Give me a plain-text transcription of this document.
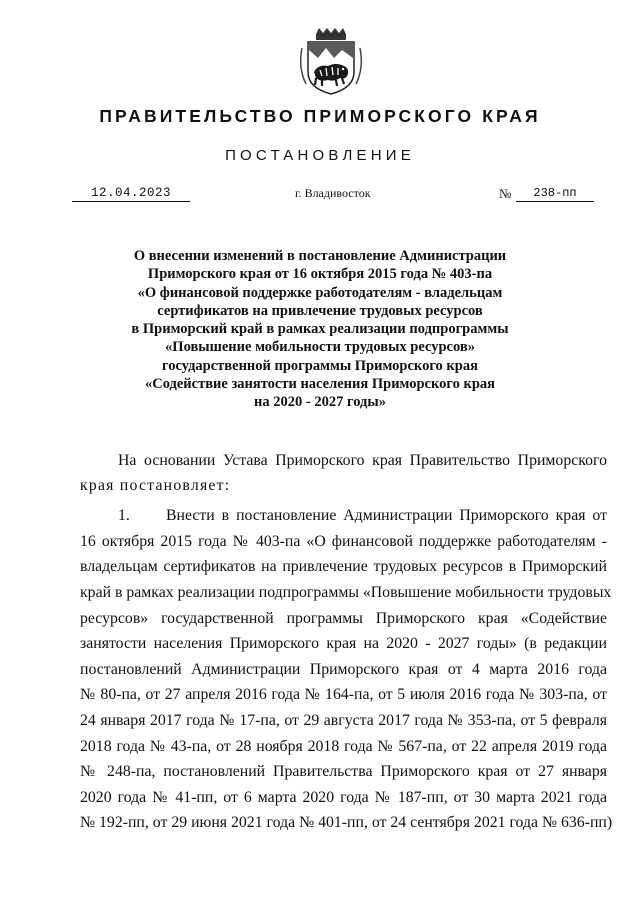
ПРАВИТЕЛЬСТВО ПРИМОРСКОГО КРАЯ
ПОСТАНОВЛЕНИЕ
12.04.2023	г. Владивосток	№	238-пп
О внесении изменений в постановление Администрации
Приморского края от 16 октября 2015 года № 403-па
«О финансовой поддержке работодателям - владельцам
сертификатов на привлечение трудовых ресурсов
в Приморский край в рамках реализации подпрограммы
«Повышение мобильности трудовых ресурсов»
государственной программы Приморского края
«Содействие занятости населения Приморского края
на 2020 - 2027 годы»
На основании Устава Приморского края Правительство Приморского
края постановляет:
1. Внести в постановление Администрации Приморского края от
16 октября 2015 года № 403-па «О финансовой поддержке работодателям -
владельцам сертификатов на привлечение трудовых ресурсов в Приморский
край в рамках реализации подпрограммы «Повышение мобильности трудовых
ресурсов» государственной программы Приморского края «Содействие
занятости населения Приморского края на 2020 - 2027 годы» (в редакции
постановлений Администрации Приморского края от 4 марта 2016 года
№ 80-па, от 27 апреля 2016 года № 164-па, от 5 июля 2016 года № 303-па, от
24 января 2017 года № 17-па, от 29 августа 2017 года № 353-па, от 5 февраля
2018 года № 43-па, от 28 ноября 2018 года № 567-па, от 22 апреля 2019 года
№ 248-па, постановлений Правительства Приморского края от 27 января
2020 года № 41-пп, от 6 марта 2020 года № 187-пп, от 30 марта 2021 года
№ 192-пп, от 29 июня 2021 года № 401-пп, от 24 сентября 2021 года № 636-пп)
